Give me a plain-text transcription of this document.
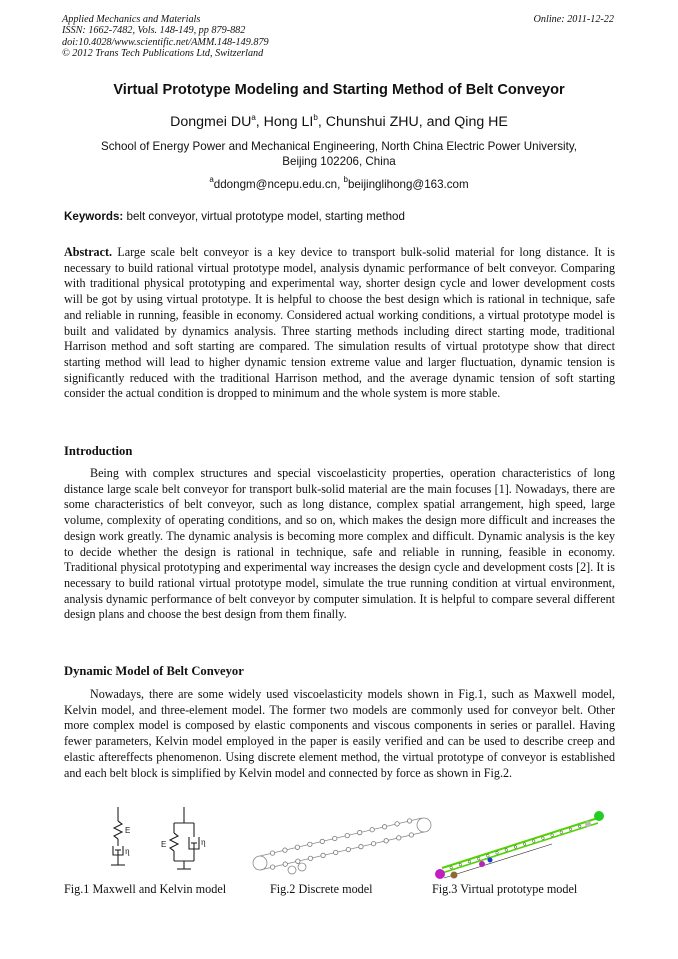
Applied Mechanics and Materials
ISSN: 1662-7482, Vols. 148-149, pp 879-882
doi:10.4028/www.scientific.net/AMM.148-149.879
© 2012 Trans Tech Publications Ltd, Switzerland
Online: 2011-12-22
Virtual Prototype Modeling and Starting Method of Belt Conveyor
Dongmei $DU^a$, Hong $LI^b$, Chunshui ZHU, and Qing HE
School of Energy Power and Mechanical Engineering, North China Electric Power University,
Beijing 102206, China
$^a$ddongm@ncepu.edu.cn, $^b$beijinglihong@163.com
Keywords: belt conveyor, virtual prototype model, starting method

Abstract. Large scale belt conveyor is a key device to transport bulk-solid material for long distance. It is necessary to build rational virtual prototype model, analysis dynamic performance of belt conveyor. Comparing with traditional physical prototyping and experimental way, shorter design cycle and lower development costs will be got by using virtual prototype. It is helpful to choose the best design which is rational in technique, safe and reliable in running, feasible in economy. Considered actual working conditions, a virtual prototype model is built and validated by dynamics analysis. Three starting methods including direct starting mode, traditional Harrison method and soft starting are compared. The simulation results of virtual prototype show that direct starting method will lead to higher dynamic tension extreme value and larger fluctuation, dynamic tension is significantly reduced with the traditional Harrison method, and the average dynamic tension of soft starting consider the actual condition is dropped to minimum and the whole system is more stable.

Introduction

Being with complex structures and special viscoelasticity properties, operation characteristics of long distance large scale belt conveyor for transport bulk-solid material are the main focuses [1]. Nowadays, there are some characteristics of belt conveyor, such as long distance, complex spatial arrangement, high speed, large volume, complexity of operating conditions, and so on, which makes the design more difficult and increases the design work greatly. The dynamic analysis is becoming more complex and difficult. Dynamic analysis is the key to decide whether the design is rational in technique, safe and reliable in running, feasible in economy. Traditional physical prototyping and experimental way increases the design cycle and development costs [2]. It is necessary to build rational virtual prototype model, simulate the true running condition at virtual environment, analysis dynamic performance of belt conveyor by computer simulation. It is helpful to compare several different design plans and choose the best design from them finally.

Dynamic Model of Belt Conveyor

Nowadays, there are some widely used viscoelasticity models shown in Fig.1, such as Maxwell model, Kelvin model, and three-element model. The former two models are commonly used for conveyor belt. Other more complex model is composed by elastic components and viscous components in series or parallel. Having fewer parameters, Kelvin model employed in the paper is easily verified and can be used to describe creep and elastic aftereffects phenomenon. Using discrete element method, the virtual prototype of conveyor is established and each belt block is simplified by Kelvin model and connected by force as shown in Fig.2.

E
η
E	η
Fig.1 Maxwell and Kelvin model	Fig.2 Discrete model	Fig.3 Virtual prototype model
